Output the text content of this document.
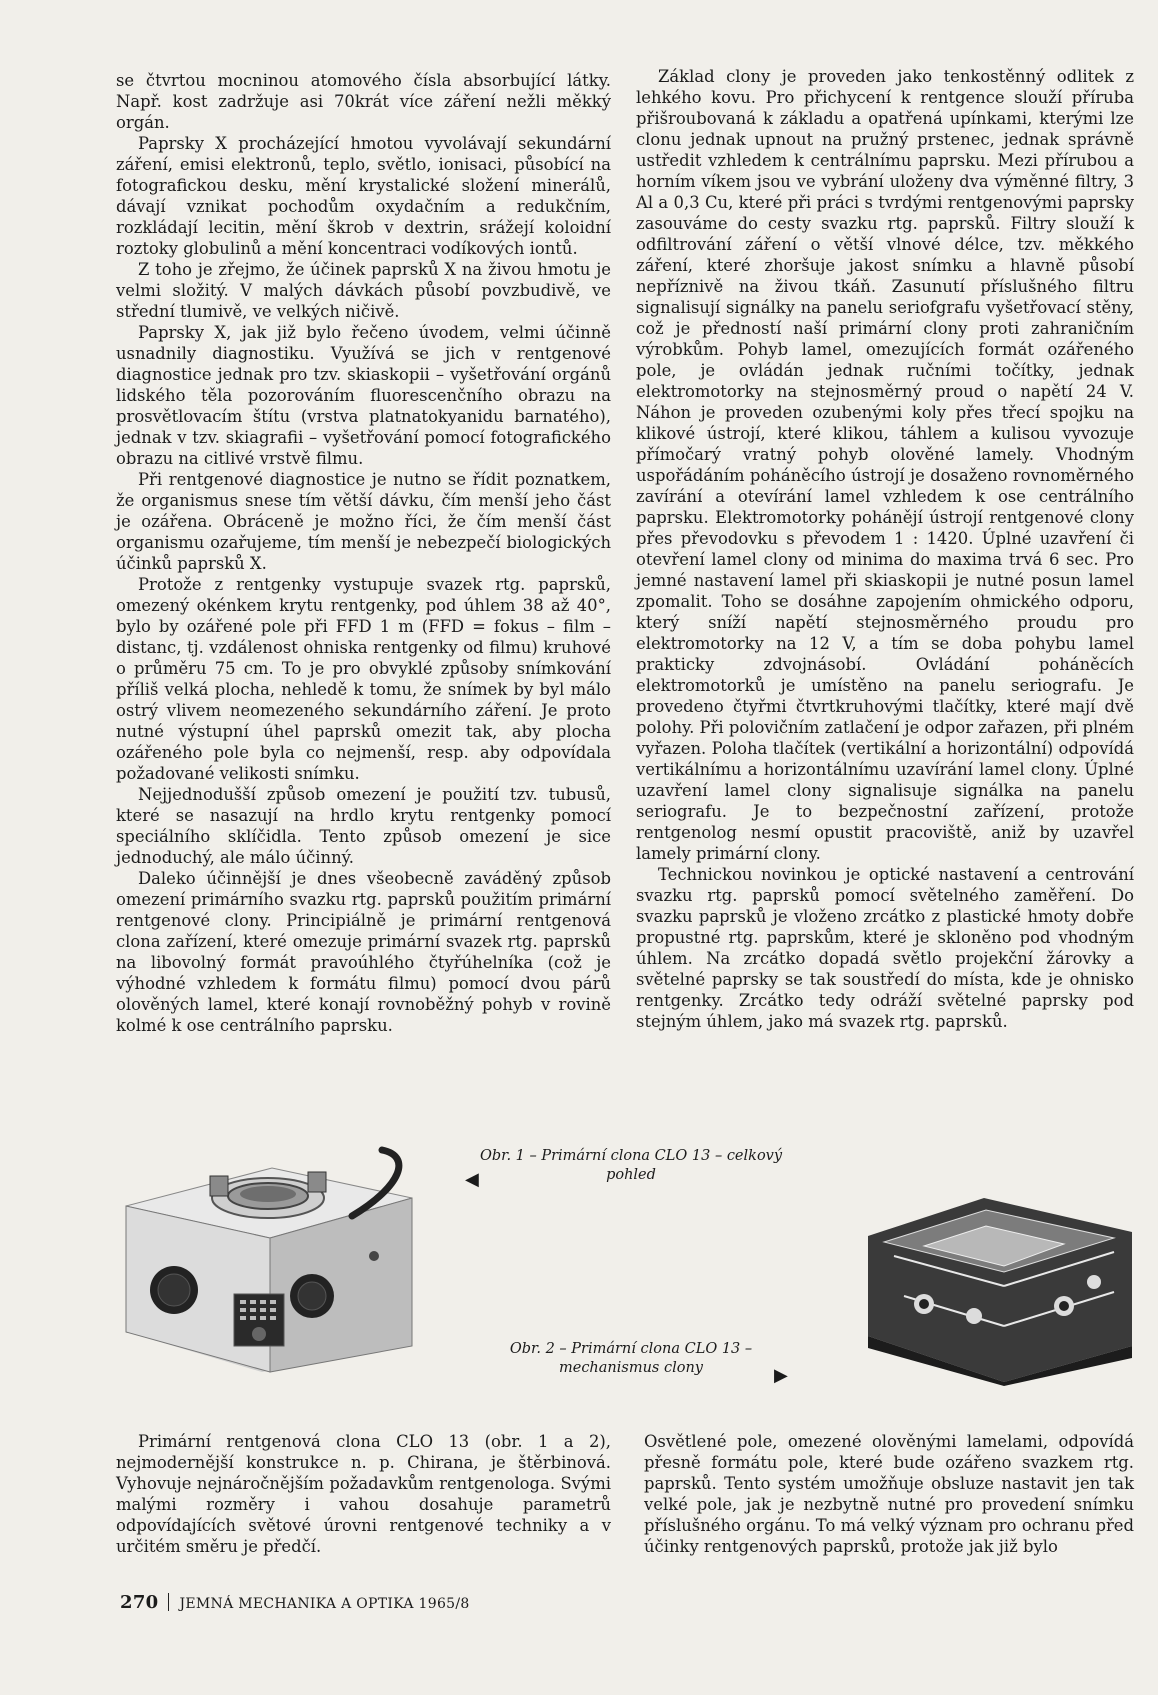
se čtvrtou mocninou atomového čísla absorbující látky. Např. kost zadržuje asi 70krát více záření nežli měkký orgán.

Paprsky X procházející hmotou vyvolávají sekundární záření, emisi elektronů, teplo, světlo, ionisaci, působící na fotografickou desku, mění krystalické složení minerálů, dávají vznikat pochodům oxydačním a redukčním, rozkládají lecitin, mění škrob v dextrin, srážejí koloidní roztoky globulinů a mění koncentraci vodíkových iontů.

Z toho je zřejmo, že účinek paprsků X na živou hmotu je velmi složitý. V malých dávkách působí povzbudivě, ve střední tlumivě, ve velkých ničivě.

Paprsky X, jak již bylo řečeno úvodem, velmi účinně usnadnily diagnostiku. Využívá se jich v rentgenové diagnostice jednak pro tzv. skiaskopii – vyšetřování orgánů lidského těla pozorováním fluorescenčního obrazu na prosvětlovacím štítu (vrstva platnatokyanidu barnatého), jednak v tzv. skiagrafii – vyšetřování pomocí fotografického obrazu na citlivé vrstvě filmu.

Při rentgenové diagnostice je nutno se řídit poznatkem, že organismus snese tím větší dávku, čím menší jeho část je ozářena. Obráceně je možno říci, že čím menší část organismu ozařujeme, tím menší je nebezpečí biologických účinků paprsků X.

Protože z rentgenky vystupuje svazek rtg. paprsků, omezený okénkem krytu rentgenky, pod úhlem 38 až 40°, bylo by ozářené pole při FFD 1 m (FFD = fokus – film – distanc, tj. vzdálenost ohniska rentgenky od filmu) kruhové o průměru 75 cm. To je pro obvyklé způsoby snímkování příliš velká plocha, nehledě k tomu, že snímek by byl málo ostrý vlivem neomezeného sekundárního záření. Je proto nutné výstupní úhel paprsků omezit tak, aby plocha ozářeného pole byla co nejmenší, resp. aby odpovídala požadované velikosti snímku.

Nejjednodušší způsob omezení je použití tzv. tubusů, které se nasazují na hrdlo krytu rentgenky pomocí speciálního sklíčidla. Tento způsob omezení je sice jednoduchý, ale málo účinný.

Daleko účinnější je dnes všeobecně zaváděný způsob omezení primárního svazku rtg. paprsků použitím primární rentgenové clony. Principiálně je primární rentgenová clona zařízení, které omezuje primární svazek rtg. paprsků na libovolný formát pravoúhlého čtyřúhelníka (což je výhodné vzhledem k formátu filmu) pomocí dvou párů olověných lamel, které konají rovnoběžný pohyb v rovině kolmé k ose centrálního paprsku.

Základ clony je proveden jako tenkostěnný odlitek z lehkého kovu. Pro přichycení k rentgence slouží příruba přišroubovaná k základu a opatřená upínkami, kterými lze clonu jednak upnout na pružný prstenec, jednak správně ustředit vzhledem k centrálnímu paprsku. Mezi přírubou a horním víkem jsou ve vybrání uloženy dva výměnné filtry, 3 Al a 0,3 Cu, které při práci s tvrdými rentgenovými paprsky zasouváme do cesty svazku rtg. paprsků. Filtry slouží k odfiltrování záření o větší vlnové délce, tzv. měkkého záření, které zhoršuje jakost snímku a hlavně působí nepříznivě na živou tkáň. Zasunutí příslušného filtru signalisují signálky na panelu seriofgrafu vyšetřovací stěny, což je předností naší primární clony proti zahraničním výrobkům. Pohyb lamel, omezujících formát ozářeného pole, je ovládán jednak ručními točítky, jednak elektromotorky na stejnosměrný proud o napětí 24 V. Náhon je proveden ozubenými koly přes třecí spojku na klikové ústrojí, které klikou, táhlem a kulisou vyvozuje přímočarý vratný pohyb olověné lamely. Vhodným uspořádáním poháněcího ústrojí je dosaženo rovnoměrného zavírání a otevírání lamel vzhledem k ose centrálního paprsku. Elektromotorky pohánějí ústrojí rentgenové clony přes převodovku s převodem 1 : 1420. Úplné uzavření či otevření lamel clony od minima do maxima trvá 6 sec. Pro jemné nastavení lamel při skiaskopii je nutné posun lamel zpomalit. Toho se dosáhne zapojením ohmického odporu, který sníží napětí stejnosměrného proudu pro elektromotorky na 12 V, a tím se doba pohybu lamel prakticky zdvojnásobí. Ovládání poháněcích elektromotorků je umístěno na panelu seriografu. Je provedeno čtyřmi čtvrtkruhovými tlačítky, které mají dvě polohy. Při polovičním zatlačení je odpor zařazen, při plném vyřazen. Poloha tlačítek (vertikální a horizontální) odpovídá vertikálnímu a horizontálnímu uzavírání lamel clony. Úplné uzavření lamel clony signalisuje signálka na panelu seriografu. Je to bezpečnostní zařízení, protože rentgenolog nesmí opustit pracoviště, aniž by uzavřel lamely primární clony.

Technickou novinkou je optické nastavení a centrování svazku rtg. paprsků pomocí světelného zaměření. Do svazku paprsků je vloženo zrcátko z plastické hmoty dobře propustné rtg. paprskům, které je skloněno pod vhodným úhlem. Na zrcátko dopadá světlo projekční žárovky a světelné paprsky se tak soustředí do místa, kde je ohnisko rentgenky. Zrcátko tedy odráží světelné paprsky pod stejným úhlem, jako má svazek rtg. paprsků.

Obr. 1 – Primární clona CLO 13 – celkový pohled
◀
Obr. 2 – Primární clona CLO 13 – mechanismus clony	▶

Primární rentgenová clona CLO 13 (obr. 1 a 2), nejmodernější konstrukce n. p. Chirana, je štěrbinová. Vyhovuje nejnáročnějším požadavkům rentgenologa. Svými malými rozměry i vahou dosahuje parametrů odpovídajících světové úrovni rentgenové techniky a v určitém směru je předčí.

Osvětlené pole, omezené olověnými lamelami, odpovídá přesně formátu pole, které bude ozářeno svazkem rtg. paprsků. Tento systém umožňuje obsluze nastavit jen tak velké pole, jak je nezbytně nutné pro provedení snímku příslušného orgánu. To má velký význam pro ochranu před účinky rentgenových paprsků, protože jak již bylo

270 JEMNÁ MECHANIKA A OPTIKA 1965/8
